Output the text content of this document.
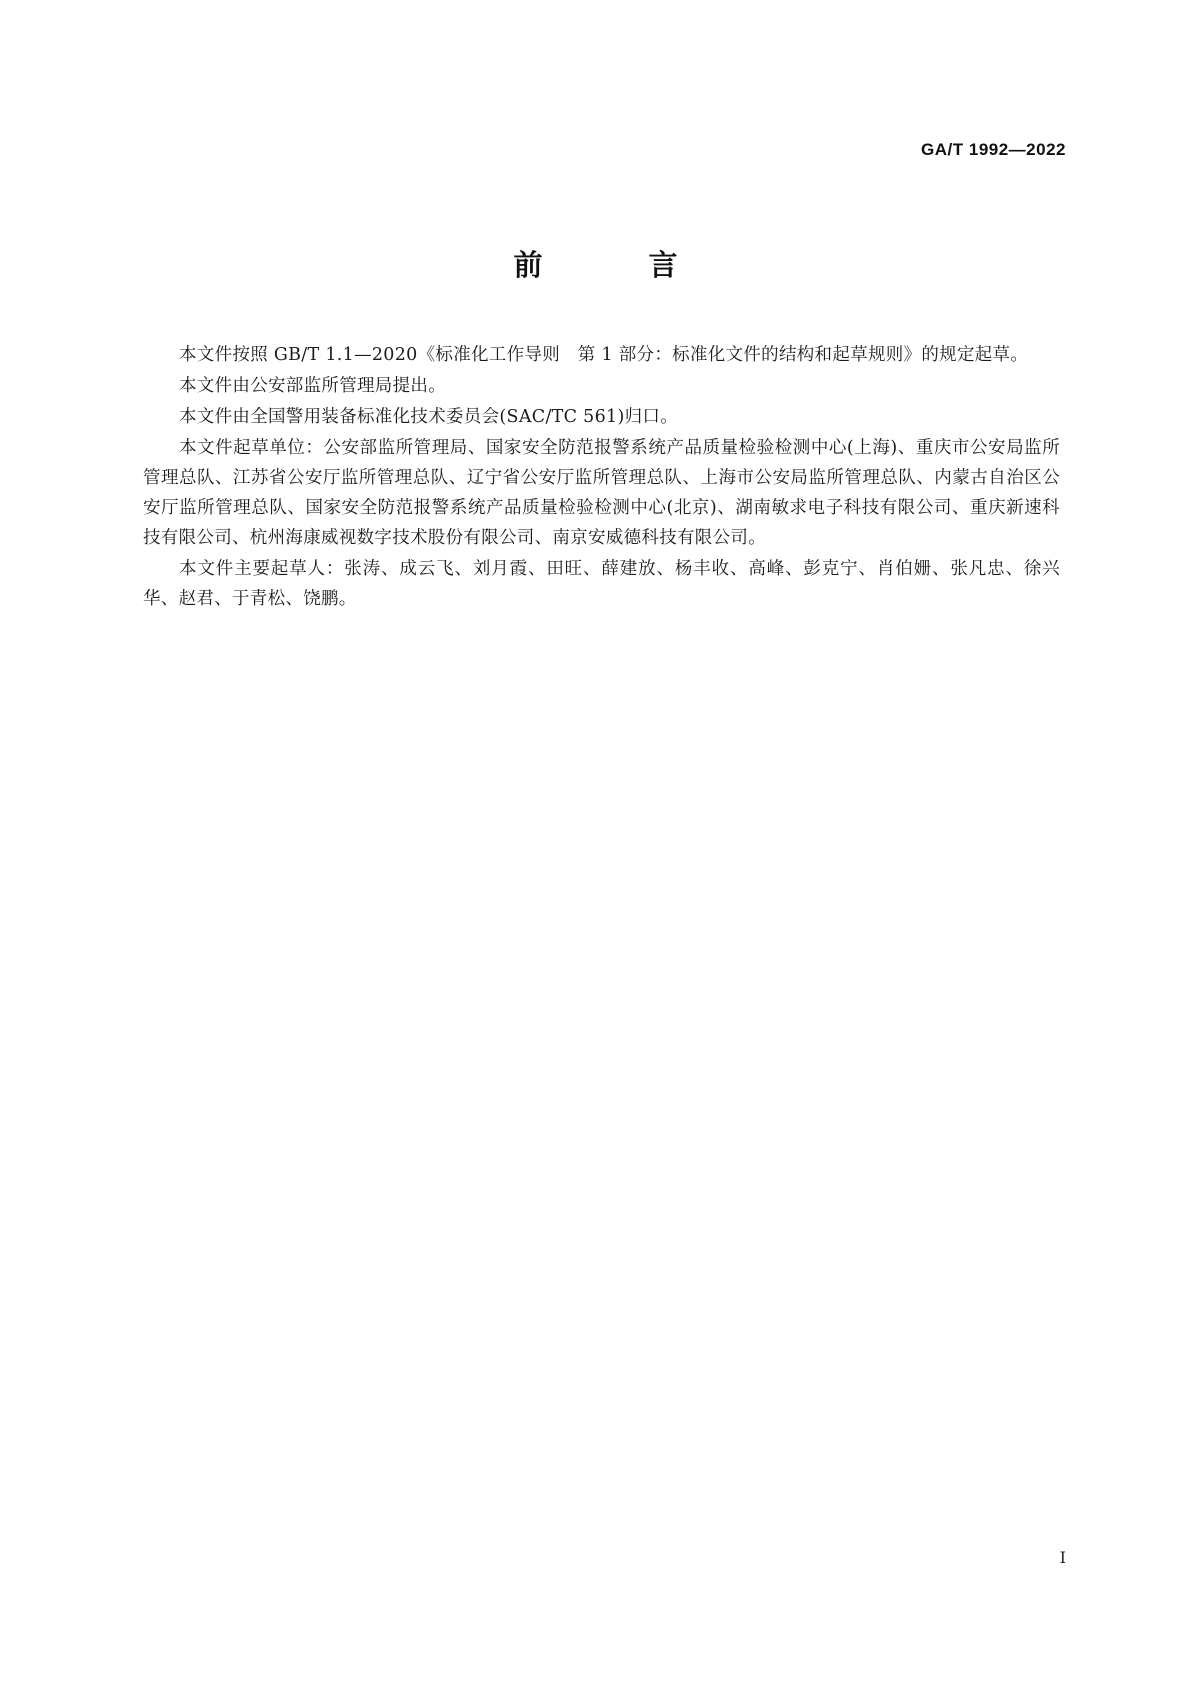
GA/T 1992—2022
前 言

本文件按照 GB/T 1.1—2020《标准化工作导则　第 1 部分：标准化文件的结构和起草规则》的规定起草。

本文件由公安部监所管理局提出。

本文件由全国警用装备标准化技术委员会(SAC/TC 561)归口。

本文件起草单位：公安部监所管理局、国家安全防范报警系统产品质量检验检测中心(上海)、重庆市公安局监所管理总队、江苏省公安厅监所管理总队、辽宁省公安厅监所管理总队、上海市公安局监所管理总队、内蒙古自治区公安厅监所管理总队、国家安全防范报警系统产品质量检验检测中心(北京)、湖南敏求电子科技有限公司、重庆新速科技有限公司、杭州海康威视数字技术股份有限公司、南京安威德科技有限公司。

本文件主要起草人：张涛、成云飞、刘月霞、田旺、薛建放、杨丰收、高峰、彭克宁、肖伯姗、张凡忠、徐兴华、赵君、于青松、饶鹏。

I
